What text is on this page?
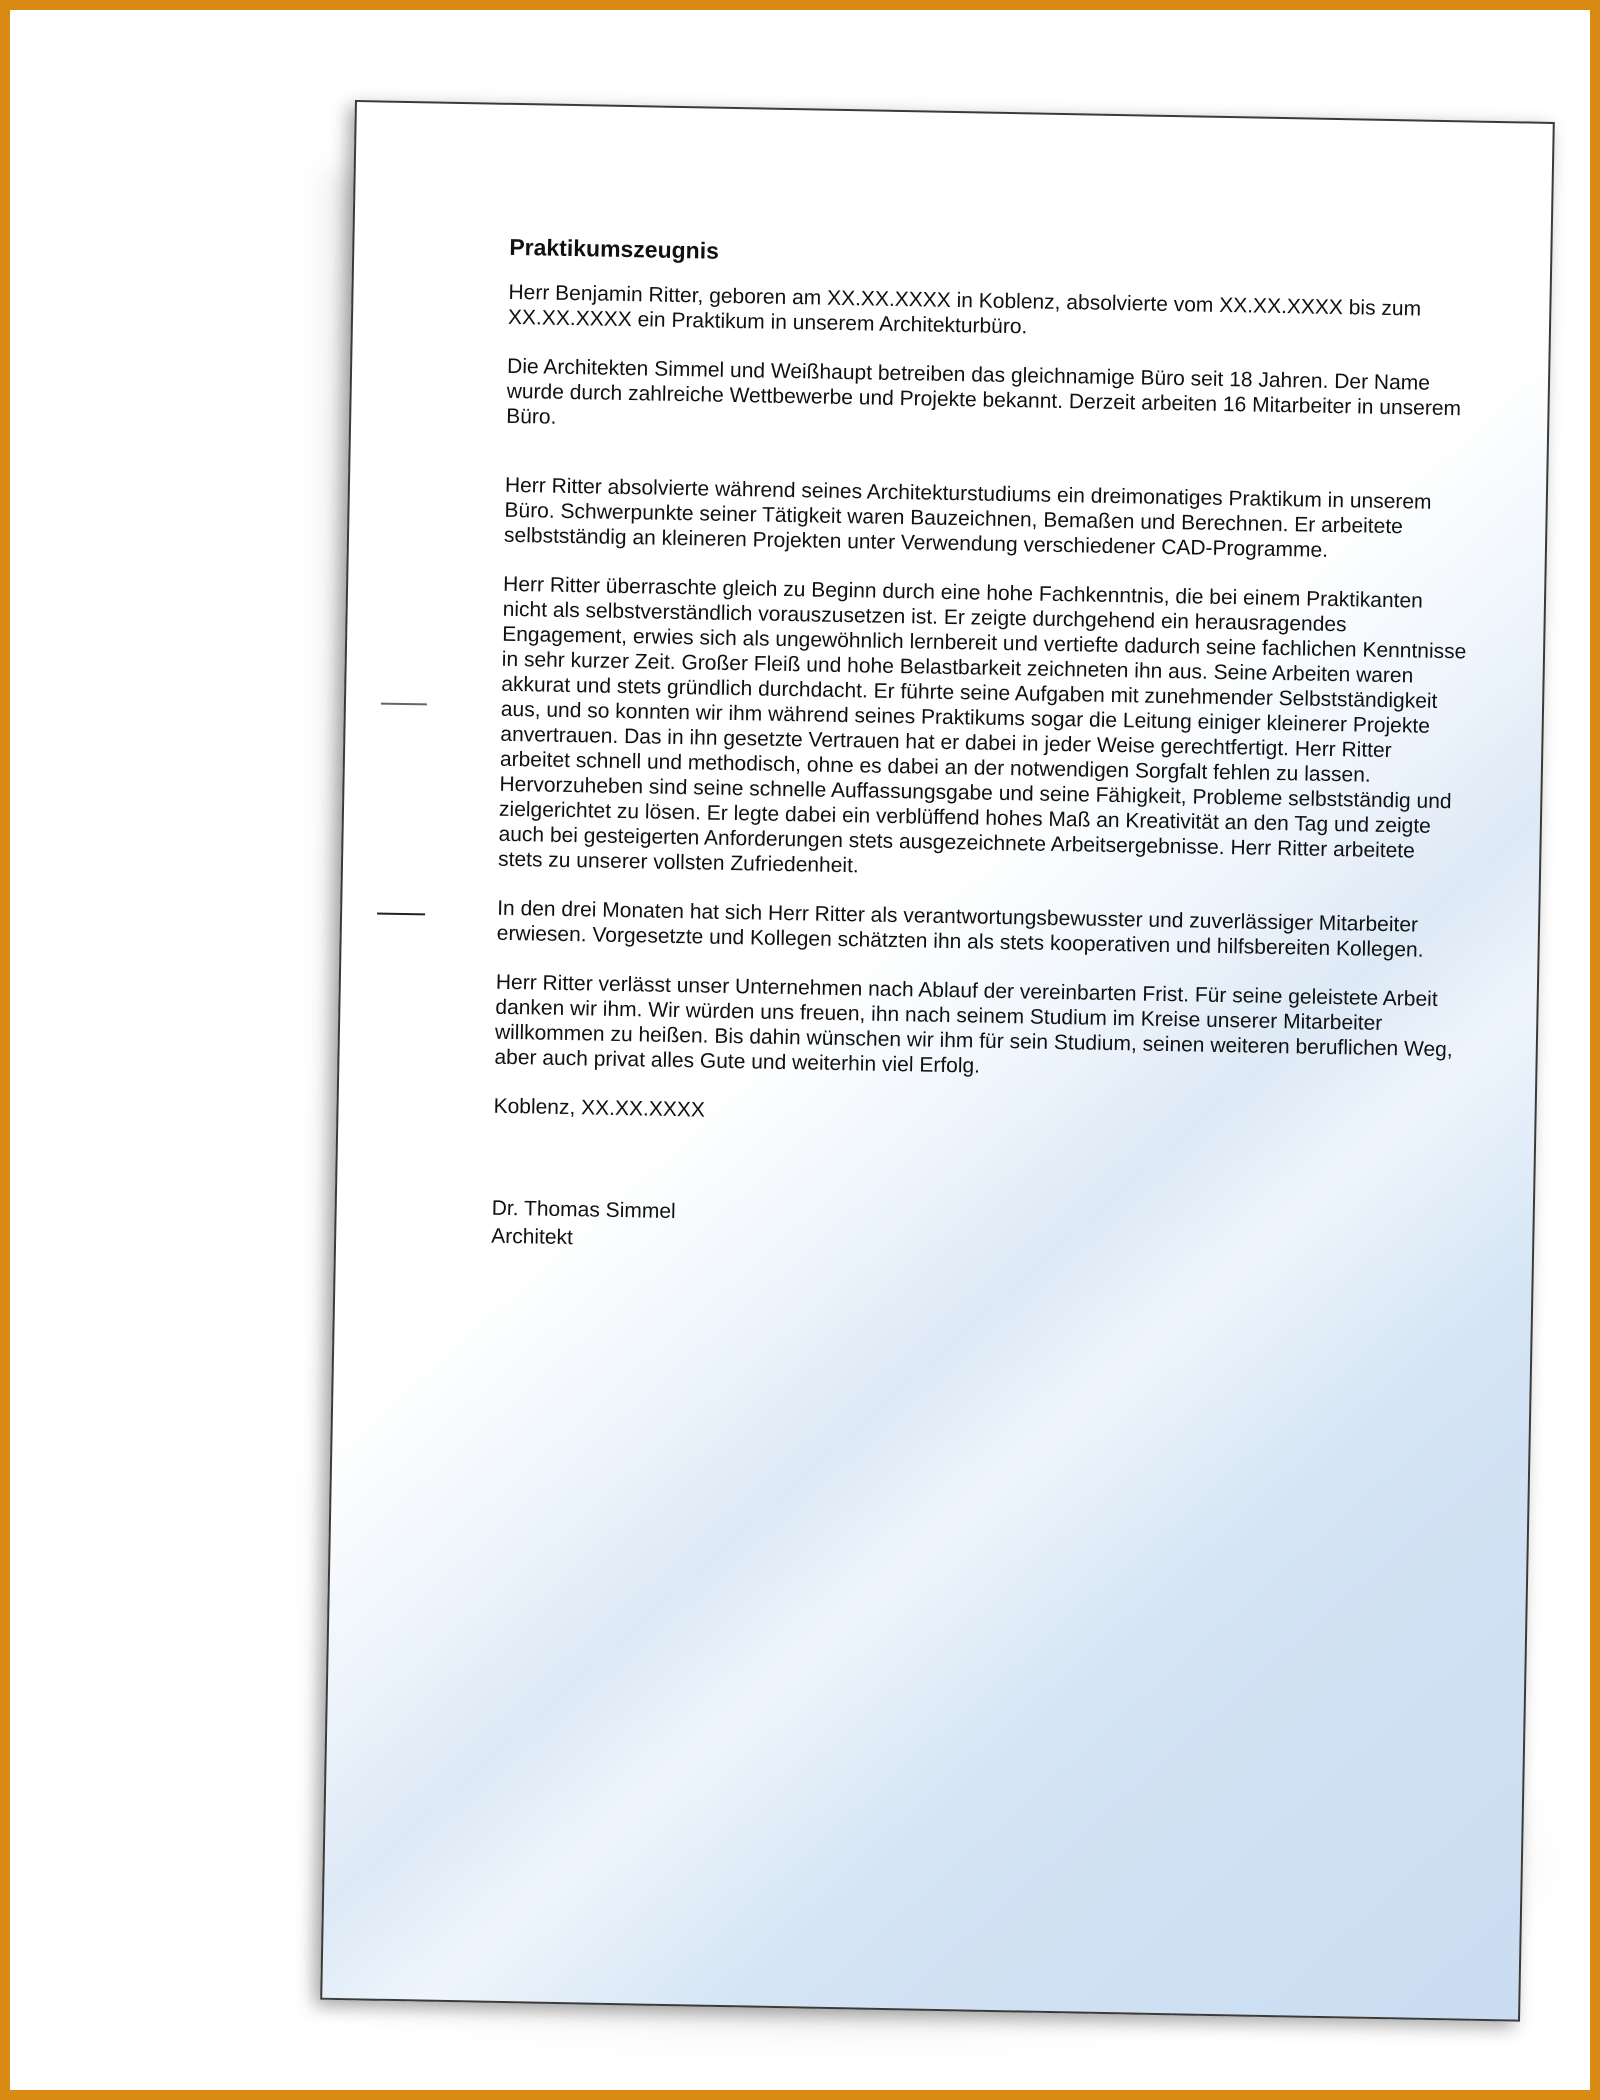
Praktikumszeugnis

Herr Benjamin Ritter, geboren am XX.XX.XXXX in Koblenz, absolvierte vom XX.XX.XXXX bis zum XX.XX.XXXX ein Praktikum in unserem Architekturbüro.

Die Architekten Simmel und Weißhaupt betreiben das gleichnamige Büro seit 18 Jahren. Der Name wurde durch zahlreiche Wettbewerbe und Projekte bekannt. Derzeit arbeiten 16 Mitarbeiter in unserem Büro.

Herr Ritter absolvierte während seines Architekturstudiums ein dreimonatiges Praktikum in unserem Büro. Schwerpunkte seiner Tätigkeit waren Bauzeichnen, Bemaßen und Berechnen. Er arbeitete selbstständig an kleineren Projekten unter Verwendung verschiedener CAD-Programme.

Herr Ritter überraschte gleich zu Beginn durch eine hohe Fachkenntnis, die bei einem Praktikanten nicht als selbstverständlich vorauszusetzen ist. Er zeigte durchgehend ein herausragendes Engagement, erwies sich als ungewöhnlich lernbereit und vertiefte dadurch seine fachlichen Kenntnisse in sehr kurzer Zeit. Großer Fleiß und hohe Belastbarkeit zeichneten ihn aus. Seine Arbeiten waren akkurat und stets gründlich durchdacht. Er führte seine Aufgaben mit zunehmender Selbstständigkeit aus, und so konnten wir ihm während seines Praktikums sogar die Leitung einiger kleinerer Projekte anvertrauen. Das in ihn gesetzte Vertrauen hat er dabei in jeder Weise gerechtfertigt. Herr Ritter arbeitet schnell und methodisch, ohne es dabei an der notwendigen Sorgfalt fehlen zu lassen. Hervorzuheben sind seine schnelle Auffassungsgabe und seine Fähigkeit, Probleme selbstständig und zielgerichtet zu lösen. Er legte dabei ein verblüffend hohes Maß an Kreativität an den Tag und zeigte auch bei gesteigerten Anforderungen stets ausgezeichnete Arbeitsergebnisse. Herr Ritter arbeitete stets zu unserer vollsten Zufriedenheit.

In den drei Monaten hat sich Herr Ritter als verantwortungsbewusster und zuverlässiger Mitarbeiter erwiesen. Vorgesetzte und Kollegen schätzten ihn als stets kooperativen und hilfsbereiten Kollegen.

Herr Ritter verlässt unser Unternehmen nach Ablauf der vereinbarten Frist. Für seine geleistete Arbeit danken wir ihm. Wir würden uns freuen, ihn nach seinem Studium im Kreise unserer Mitarbeiter willkommen zu heißen. Bis dahin wünschen wir ihm für sein Studium, seinen weiteren beruflichen Weg, aber auch privat alles Gute und weiterhin viel Erfolg.

Koblenz, XX.XX.XXXX

Dr. Thomas Simmel
Architekt
